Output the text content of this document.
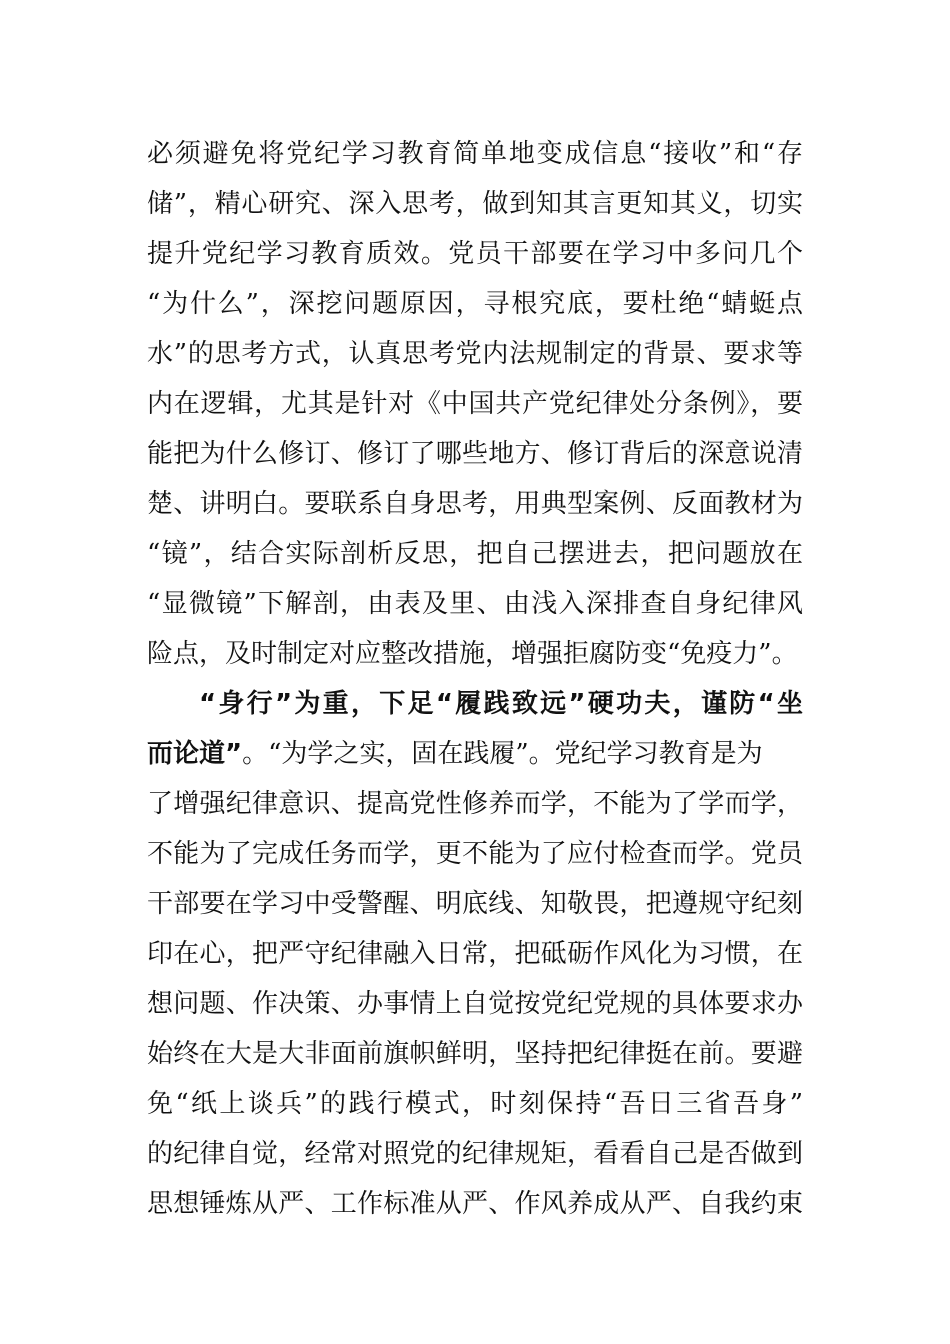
必须避免将党纪学习教育简单地变成信息“接收”和“存
储”，精心研究、深入思考，做到知其言更知其义，切实
提升党纪学习教育质效。党员干部要在学习中多问几个
“为什么”，深挖问题原因，寻根究底，要杜绝“蜻蜓点
水”的思考方式，认真思考党内法规制定的背景、要求等
内在逻辑，尤其是针对《中国共产党纪律处分条例》，要
能把为什么修订、修订了哪些地方、修订背后的深意说清
楚、讲明白。要联系自身思考，用典型案例、反面教材为
“镜”，结合实际剖析反思，把自己摆进去，把问题放在
“显微镜”下解剖，由表及里、由浅入深排查自身纪律风
险点，及时制定对应整改措施，增强拒腐防变“免疫力”。
“身行”为重，下足“履践致远”硬功夫，谨防“坐
而论道”。“为学之实，固在践履”。党纪学习教育是为
了增强纪律意识、提高党性修养而学，不能为了学而学，
不能为了完成任务而学，更不能为了应付检查而学。党员
干部要在学习中受警醒、明底线、知敬畏，把遵规守纪刻
印在心，把严守纪律融入日常，把砥砺作风化为习惯，在
想问题、作决策、办事情上自觉按党纪党规的具体要求办
始终在大是大非面前旗帜鲜明，坚持把纪律挺在前。要避
免“纸上谈兵”的践行模式，时刻保持“吾日三省吾身”
的纪律自觉，经常对照党的纪律规矩，看看自己是否做到
思想锤炼从严、工作标准从严、作风养成从严、自我约束
